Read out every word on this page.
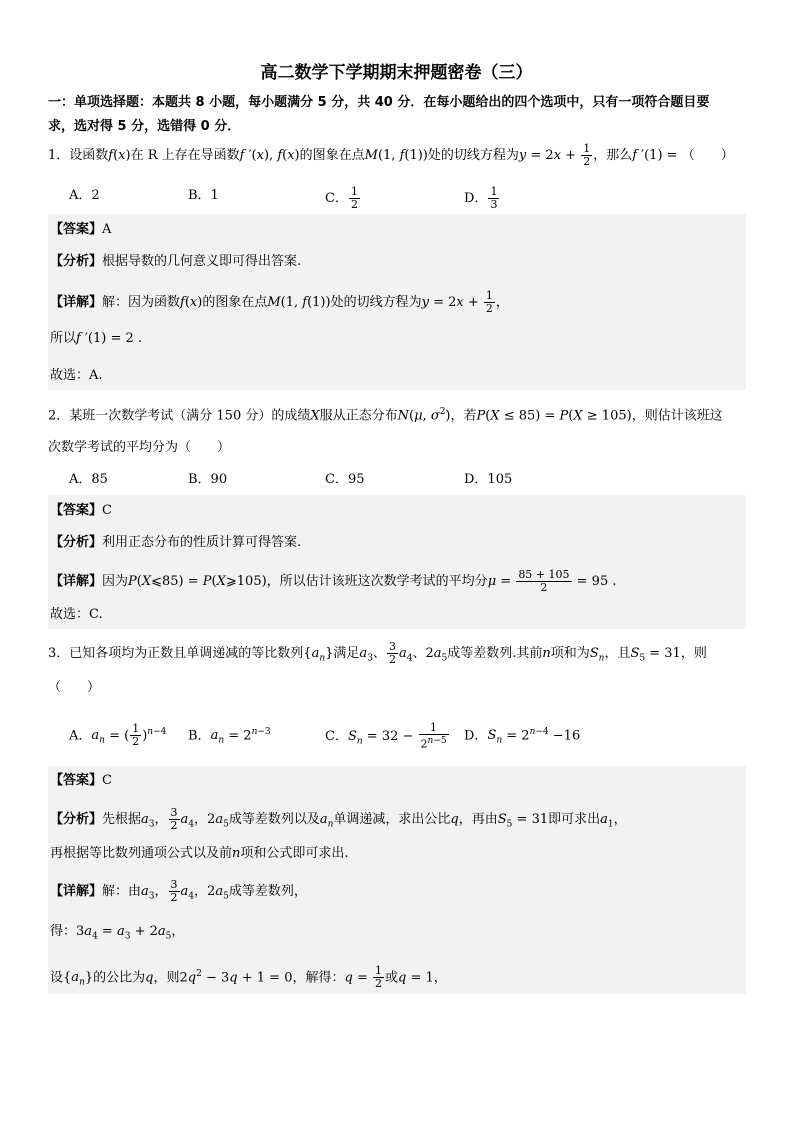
高二数学下学期期末押题密卷（三）
一：单项选择题：本题共 8 小题，每小题满分 5 分，共 40 分．在每小题给出的四个选项中，只有一项符合题目要
求，选对得 5 分，选错得 0 分．
1．设函数f(x)在 R 上存在导函数f ′(x), f(x)的图象在点M(1, f(1))处的切线方程为$y = 2x + \frac{1}{2}$ ，那么f ′(1) = （　　）
A．2	B．1	C． $\frac{1}{2}$	D． $\frac{1}{3}$
【答案】A
【分析】根据导数的几何意义即可得出答案.
【详解】解：因为函数f(x)的图象在点M(1, f(1))处的切线方程为$y = 2x + \frac{1}{2}$ ，
所以f ′(1) = 2 .
故选：A.
2．某班一次数学考试（满分 150 分）的成绩X服从正态分布N(μ, $\sigma^2$)，若P(X ≤ 85) = P(X ≥ 105)，则估计该班这
次数学考试的平均分为（　　）
A．85	B．90	C．95	D．105
【答案】C
【分析】利用正态分布的性质计算可得答案.
【详解】因为P(X⩽85) = P(X⩾105)，所以估计该班这次数学考试的平均分$\mu = \frac{85 + 105}{2} = 95$ .
故选：C.
3．已知各项均为正数且单调递减的等比数列$\{a_n\}$满足$a_3$、 $\frac{3}{2} a_4$、$2a_5$成等差数列.其前n项和为$S_n$，且$S_5 = 31$，则
（　　）
A．$a_n$ = ( $\frac{1}{2} )^{n-4}$ B．$a_n = 2^{n-3}$	C．$S_n = 32 - \frac{1}{2^{n-5}}$ D．$S_n = 2^{n-4} -16$
【答案】C
【分析】先根据$a_3$， $\frac{3}{2} a_4$，$2a_5$成等差数列以及$a_n$单调递减，求出公比q，再由$S_5 = 31$即可求出$a_1$，
再根据等比数列通项公式以及前n项和公式即可求出.
【详解】解：由$a_3$， $\frac{3}{2} a_4$，$2a_5$成等差数列，
得：$3a_4 = a_3 + 2a_5$，
设$\{a_n\}$的公比为q，则$2q^2 - 3q + 1 = 0$，解得：$q = \frac{1}{2}$ 或q = 1，
